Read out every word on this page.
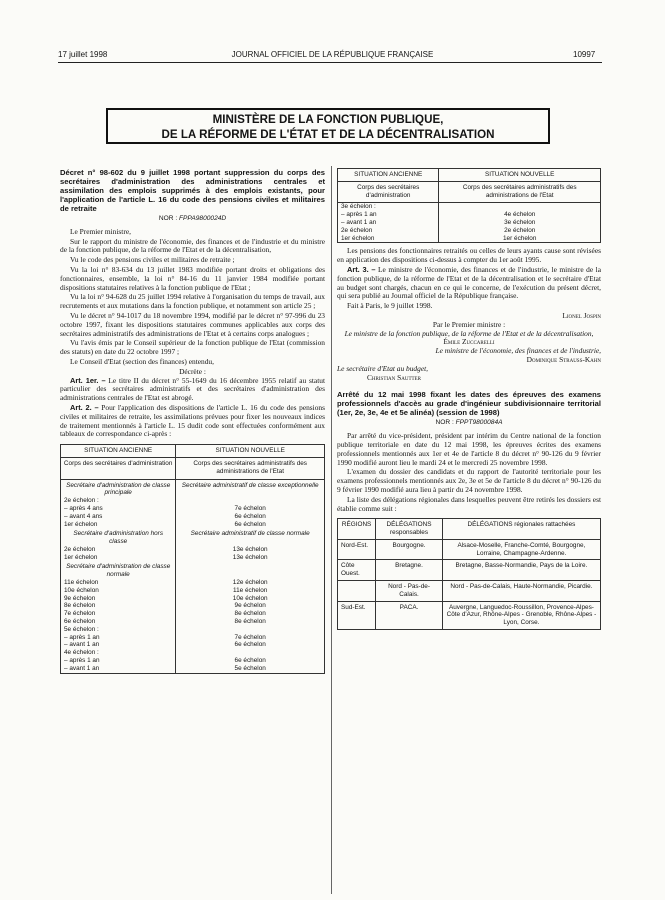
17 juillet 1998	JOURNAL OFFICIEL DE LA RÉPUBLIQUE FRANÇAISE	10997
MINISTÈRE DE LA FONCTION PUBLIQUE,
DE LA RÉFORME DE L'ÉTAT ET DE LA DÉCENTRALISATION
Décret n° 98-602 du 9 juillet 1998 portant suppression du corps des secrétaires d'administration des administrations centrales et assimilation des emplois supprimés à des emplois existants, pour l'application de l'article L. 16 du code des pensions civiles et militaires de retraite
NOR : FPPA9800024D

Le Premier ministre,

Sur le rapport du ministre de l'économie, des finances et de l'industrie et du ministre de la fonction publique, de la réforme de l'Etat et de la décentralisation,

Vu le code des pensions civiles et militaires de retraite ;

Vu la loi n° 83-634 du 13 juillet 1983 modifiée portant droits et obligations des fonctionnaires, ensemble, la loi n° 84-16 du 11 janvier 1984 modifiée portant dispositions statutaires relatives à la fonction publique de l'Etat ;

Vu la loi n° 94-628 du 25 juillet 1994 relative à l'organisation du temps de travail, aux recrutements et aux mutations dans la fonction publique, et notamment son article 25 ;

Vu le décret n° 94-1017 du 18 novembre 1994, modifié par le décret n° 97-996 du 23 octobre 1997, fixant les dispositions statutaires communes applicables aux corps des secrétaires administratifs des administrations de l'Etat et à certains corps analogues ;

Vu l'avis émis par le Conseil supérieur de la fonction publique de l'Etat (commission des statuts) en date du 22 octobre 1997 ;

Le Conseil d'Etat (section des finances) entendu,

Décrète :

Art. 1er. – Le titre II du décret n° 55-1649 du 16 décembre 1955 relatif au statut particulier des secrétaires administratifs et des secrétaires d'administration des administrations centrales de l'Etat est abrogé.

Art. 2. – Pour l'application des dispositions de l'article L. 16 du code des pensions civiles et militaires de retraite, les assimilations prévues pour fixer les nouveaux indices de traitement mentionnés à l'article L. 15 dudit code sont effectuées conformément aux tableaux de correspondance ci-après :

SITUATION ANCIENNE	SITUATION NOUVELLE
Corps des secrétaires d'administration	Corps des secrétaires administratifs des administrations de l'Etat
Secrétaire d'administration de classe principale	Secrétaire administratif de classe exceptionnelle
2e échelon :	
– après 4 ans	7e échelon
– avant 4 ans	6e échelon
1er échelon	6e échelon
Secrétaire d'administration hors classe	Secrétaire administratif de classe normale
2e échelon	13e échelon
1er échelon	13e échelon
Secrétaire d'administration de classe normale	
11e échelon	12e échelon
10e échelon	11e échelon
9e échelon	10e échelon
8e échelon	9e échelon
7e échelon	8e échelon
6e échelon	8e échelon
5e échelon :	
– après 1 an	7e échelon
– avant 1 an	6e échelon
4e échelon :	
– après 1 an	6e échelon
– avant 1 an	5e échelon
SITUATION ANCIENNE	SITUATION NOUVELLE
Corps des secrétaires d'administration	Corps des secrétaires administratifs des administrations de l'Etat
3e échelon :	
– après 1 an	4e échelon
– avant 1 an	3e échelon
2e échelon	2e échelon
1er échelon	1er échelon

Les pensions des fonctionnaires retraités ou celles de leurs ayants cause sont révisées en application des dispositions ci-dessus à compter du 1er août 1995.

Art. 3. – Le ministre de l'économie, des finances et de l'industrie, le ministre de la fonction publique, de la réforme de l'Etat et de la décentralisation et le secrétaire d'Etat au budget sont chargés, chacun en ce qui le concerne, de l'exécution du présent décret, qui sera publié au Journal officiel de la République française.

Fait à Paris, le 9 juillet 1998.

Lionel Jospin
Par le Premier ministre :
Le ministre de la fonction publique, de la réforme de l'Etat et de la décentralisation,
Émile Zuccarelli
Le ministre de l'économie, des finances et de l'industrie,
Dominique Strauss-Kahn
Le secrétaire d'Etat au budget,
Christian Sautter
Arrêté du 12 mai 1998 fixant les dates des épreuves des examens professionnels d'accès au grade d'ingénieur subdivisionnaire territorial (1er, 2e, 3e, 4e et 5e alinéa) (session de 1998)
NOR : FPPT9800084A

Par arrêté du vice-président, président par intérim du Centre national de la fonction publique territoriale en date du 12 mai 1998, les épreuves écrites des examens professionnels mentionnés aux 1er et 4e de l'article 8 du décret n° 90-126 du 9 février 1990 modifié auront lieu le mardi 24 et le mercredi 25 novembre 1998.

L'examen du dossier des candidats et du rapport de l'autorité territoriale pour les examens professionnels mentionnés aux 2e, 3e et 5e de l'article 8 du décret n° 90-126 du 9 février 1990 modifié aura lieu à partir du 24 novembre 1998.

La liste des délégations régionales dans lesquelles peuvent être retirés les dossiers est établie comme suit :

RÉGIONS	DÉLÉGATIONS responsables	DÉLÉGATIONS régionales rattachées
Nord-Est.	Bourgogne.	Alsace-Moselle, Franche-Comté, Bourgogne, Lorraine, Champagne-Ardenne.
Côte Ouest.	Bretagne.	Bretagne, Basse-Normandie, Pays de la Loire.
	Nord - Pas-de-Calais.	Nord - Pas-de-Calais, Haute-Normandie, Picardie.
Sud-Est.	PACA.	Auvergne, Languedoc-Roussillon, Provence-Alpes-Côte d'Azur, Rhône-Alpes - Grenoble, Rhône-Alpes - Lyon, Corse.
